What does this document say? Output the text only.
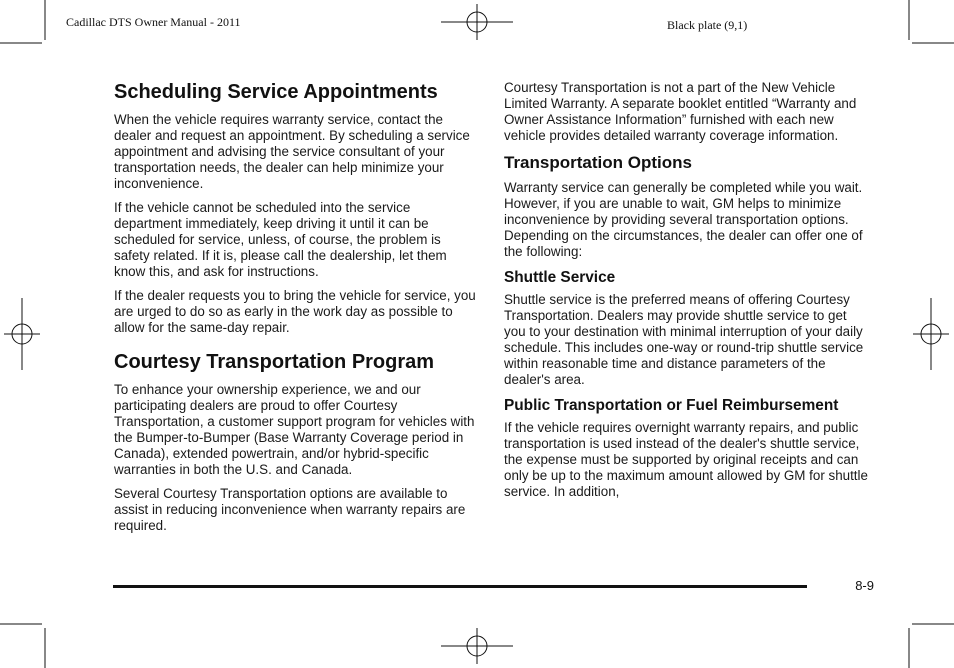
Cadillac DTS Owner Manual - 2011	Black plate (9,1)
Scheduling Service Appointments

When the vehicle requires warranty service, contact the dealer and request an appointment. By scheduling a service appointment and advising the service consultant of your transportation needs, the dealer can help minimize your inconvenience.

If the vehicle cannot be scheduled into the service department immediately, keep driving it until it can be scheduled for service, unless, of course, the problem is safety related. If it is, please call the dealership, let them know this, and ask for instructions.

If the dealer requests you to bring the vehicle for service, you are urged to do so as early in the work day as possible to allow for the same-day repair.

Courtesy Transportation Program

To enhance your ownership experience, we and our participating dealers are proud to offer Courtesy Transportation, a customer support program for vehicles with the Bumper-to-Bumper (Base Warranty Coverage period in Canada), extended powertrain, and/or hybrid-specific warranties in both the U.S. and Canada.

Several Courtesy Transportation options are available to assist in reducing inconvenience when warranty repairs are required.

Courtesy Transportation is not a part of the New Vehicle Limited Warranty. A separate booklet entitled “Warranty and Owner Assistance Information” furnished with each new vehicle provides detailed warranty coverage information.

Transportation Options

Warranty service can generally be completed while you wait. However, if you are unable to wait, GM helps to minimize inconvenience by providing several transportation options. Depending on the circumstances, the dealer can offer one of the following:

Shuttle Service

Shuttle service is the preferred means of offering Courtesy Transportation. Dealers may provide shuttle service to get you to your destination with minimal interruption of your daily schedule. This includes one-way or round-trip shuttle service within reasonable time and distance parameters of the dealer's area.

Public Transportation or Fuel Reimbursement

If the vehicle requires overnight warranty repairs, and public transportation is used instead of the dealer's shuttle service, the expense must be supported by original receipts and can only be up to the maximum amount allowed by GM for shuttle service. In addition,

8-9
